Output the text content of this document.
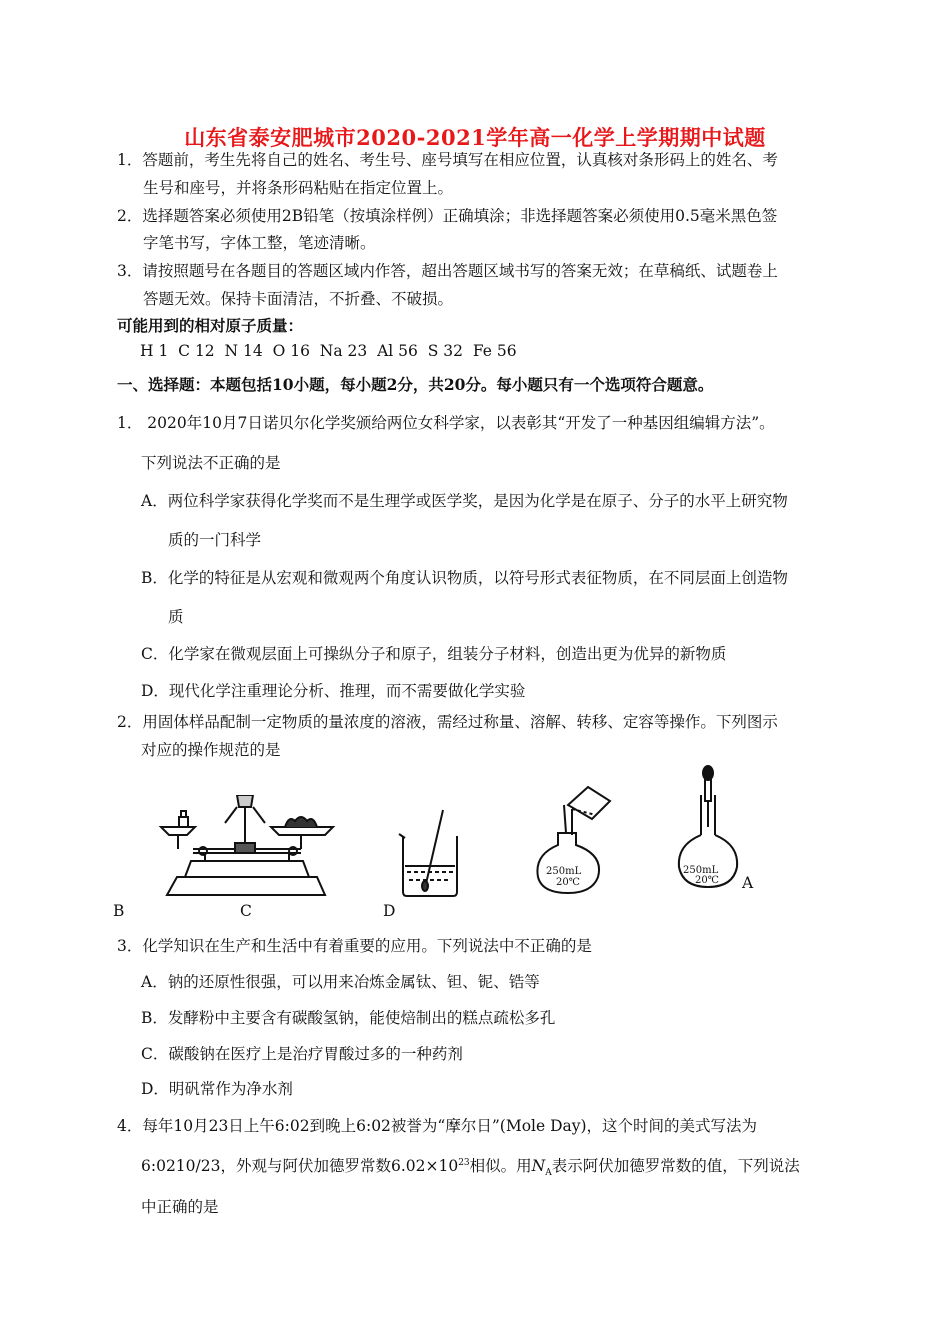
山东省泰安肥城市2020-2021学年高一化学上学期期中试题
1．答题前，考生先将自己的姓名、考生号、座号填写在相应位置，认真核对条形码上的姓名、考
生号和座号，并将条形码粘贴在指定位置上。
2．选择题答案必须使用2B铅笔（按填涂样例）正确填涂；非选择题答案必须使用0.5毫米黑色签
字笔书写，字体工整，笔迹清晰。
3．请按照题号在各题目的答题区域内作答，超出答题区域书写的答案无效；在草稿纸、试题卷上
答题无效。保持卡面清洁，不折叠、不破损。
可能用到的相对原子质量：
H 1  C 12  N 14  O 16  Na 23  Al 56  S 32  Fe 56
一、选择题：本题包括10小题，每小题2分，共20分。每小题只有一个选项符合题意。
1． 2020年10月7日诺贝尔化学奖颁给两位女科学家，以表彰其“开发了一种基因组编辑方法”。
下列说法不正确的是
A．两位科学家获得化学奖而不是生理学或医学奖，是因为化学是在原子、分子的水平上研究物
质的一门科学
B．化学的特征是从宏观和微观两个角度认识物质，以符号形式表征物质，在不同层面上创造物
质
C．化学家在微观层面上可操纵分子和原子，组装分子材料，创造出更为优异的新物质
D．现代化学注重理论分析、推理，而不需要做化学实验
2．用固体样品配制一定物质的量浓度的溶液，需经过称量、溶解、转移、定容等操作。下列图示
对应的操作规范的是
250mL
20℃
250mL
20℃ A
B	C	D
3．化学知识在生产和生活中有着重要的应用。下列说法中不正确的是
A．钠的还原性很强，可以用来冶炼金属钛、钽、铌、锆等
B．发酵粉中主要含有碳酸氢钠，能使焙制出的糕点疏松多孔
C．碳酸钠在医疗上是治疗胃酸过多的一种药剂
D．明矾常作为净水剂
4．每年10月23日上午6:02到晚上6:02被誉为“摩尔日”(Mole Day)，这个时间的美式写法为
6:0210/23，外观与阿伏加德罗常数$6.02\times 10^{23}$相似。用$N_A$表示阿伏加德罗常数的值，下列说法
中正确的是
